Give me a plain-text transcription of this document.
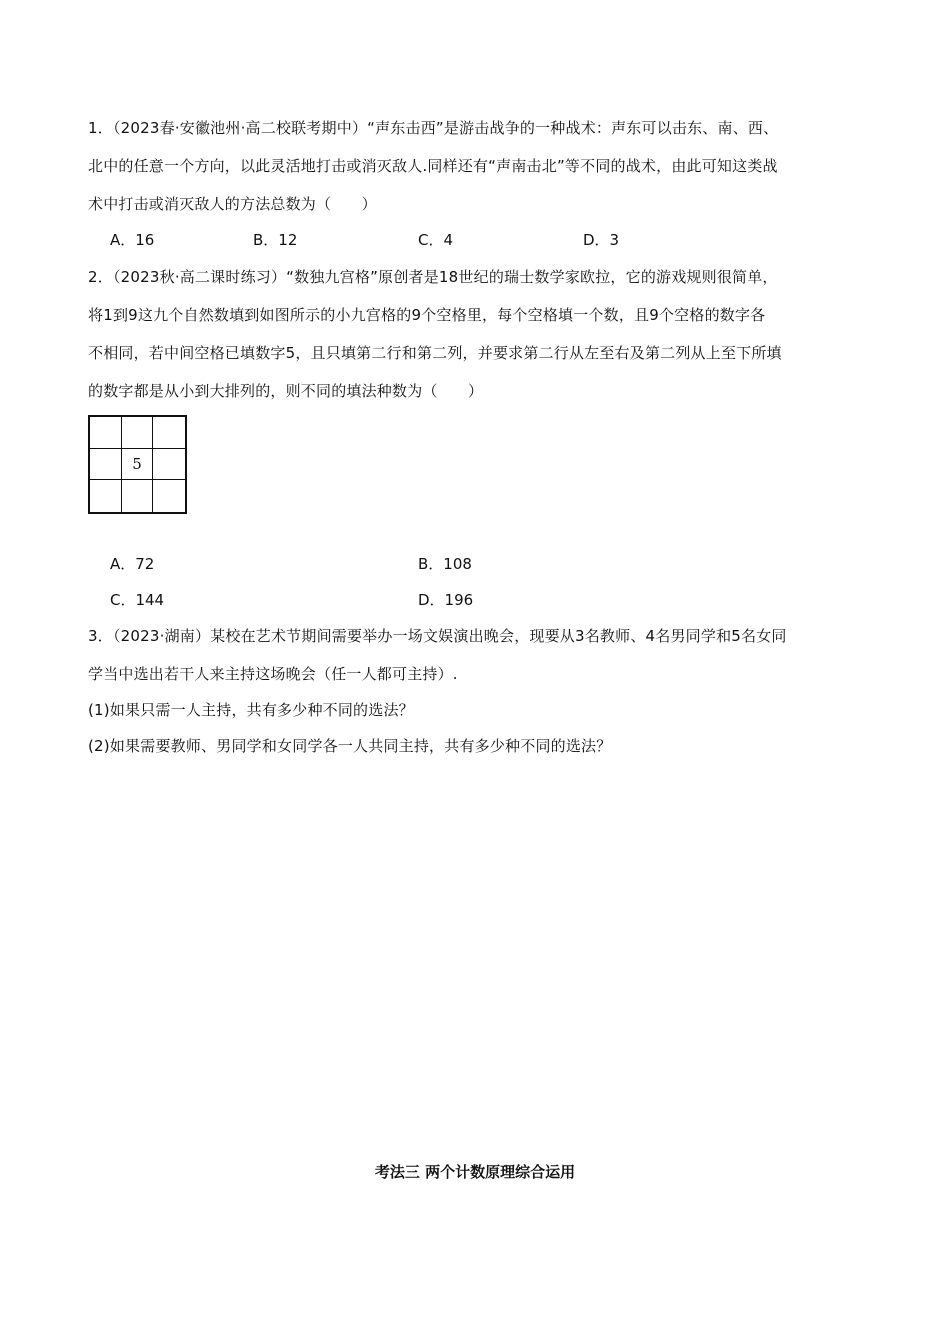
1．（2023春·安徽池州·高二校联考期中）“声东击西”是游击战争的一种战术：声东可以击东、南、西、
北中的任意一个方向，以此灵活地打击或消灭敌人.同样还有“声南击北”等不同的战术，由此可知这类战
术中打击或消灭敌人的方法总数为（　　）
A．16	B．12	C．4	D．3
2．（2023秋·高二课时练习）“数独九宫格”原创者是18世纪的瑞士数学家欧拉，它的游戏规则很简单，
将1到9这九个自然数填到如图所示的小九宫格的9个空格里，每个空格填一个数，且9个空格的数字各
不相同，若中间空格已填数字5，且只填第二行和第二列，并要求第二行从左至右及第二列从上至下所填
的数字都是从小到大排列的，则不同的填法种数为（　　）
5
A．72	B．108
C．144	D．196
3．（2023·湖南）某校在艺术节期间需要举办一场文娱演出晚会，现要从3名教师、4名男同学和5名女同
学当中选出若干人来主持这场晚会（任一人都可主持）.
(1)如果只需一人主持，共有多少种不同的选法？
(2)如果需要教师、男同学和女同学各一人共同主持，共有多少种不同的选法？
考法三 两个计数原理综合运用
